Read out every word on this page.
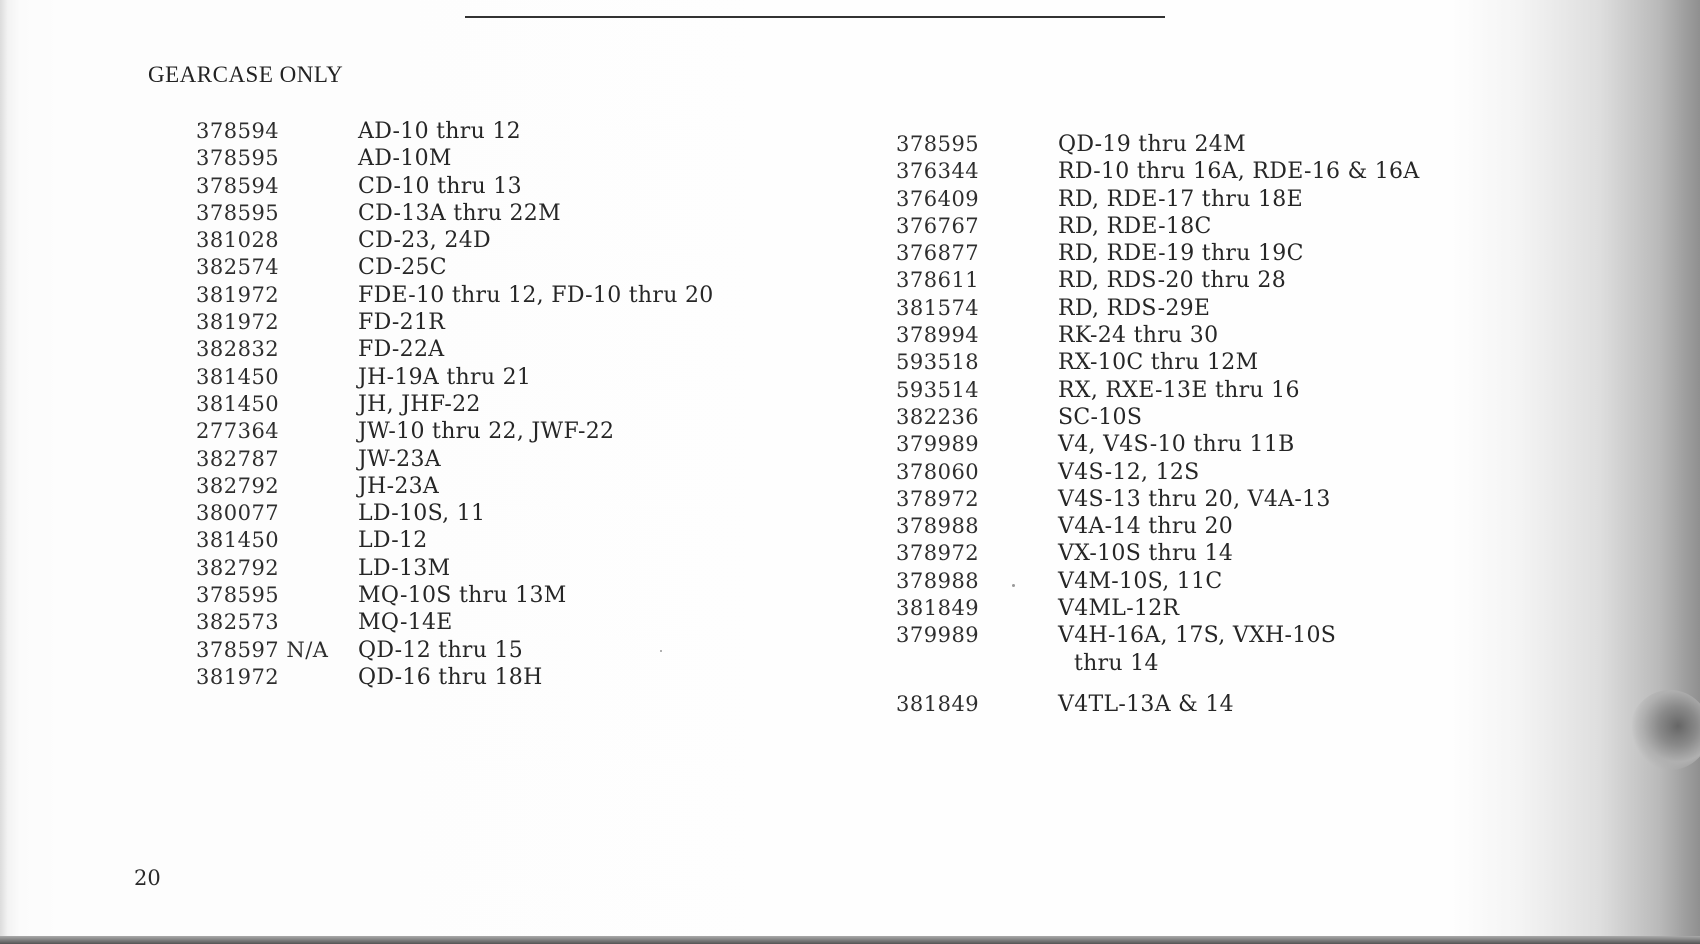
GEARCASE ONLY
378594	AD-10 thru 12
378595	AD-10M
378594	CD-10 thru 13
378595	CD-13A thru 22M
381028	CD-23, 24D
382574	CD-25C
381972	FDE-10 thru 12, FD-10 thru 20
381972	FD-21R
382832	FD-22A
381450	JH-19A thru 21
381450	JH, JHF-22
277364	JW-10 thru 22, JWF-22
382787	JW-23A
382792	JH-23A
380077	LD-10S, 11
381450	LD-12
382792	LD-13M
378595	MQ-10S thru 13M
382573	MQ-14E
378597 N/A	QD-12 thru 15
381972	QD-16 thru 18H
378595	QD-19 thru 24M
376344	RD-10 thru 16A, RDE-16 & 16A
376409	RD, RDE-17 thru 18E
376767	RD, RDE-18C
376877	RD, RDE-19 thru 19C
378611	RD, RDS-20 thru 28
381574	RD, RDS-29E
378994	RK-24 thru 30
593518	RX-10C thru 12M
593514	RX, RXE-13E thru 16
382236	SC-10S
379989	V4, V4S-10 thru 11B
378060	V4S-12, 12S
378972	V4S-13 thru 20, V4A-13
378988	V4A-14 thru 20
378972	VX-10S thru 14
378988	V4M-10S, 11C
381849	V4ML-12R
379989	V4H-16A, 17S, VXH-10S
thru 14
381849	V4TL-13A & 14
20
